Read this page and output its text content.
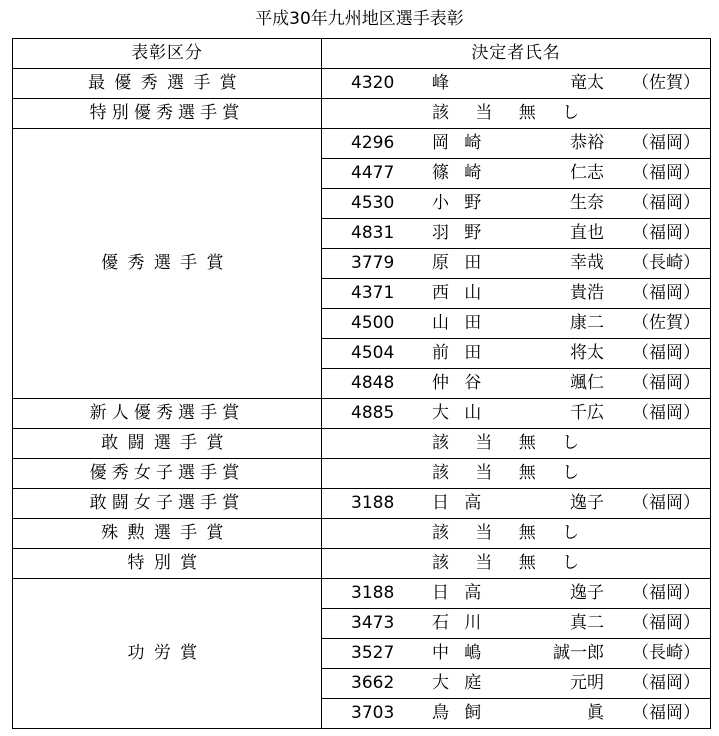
平成30年九州地区選手表彰
表彰区分	決定者氏名
最優秀選手賞	4320 峰 竜太 （佐賀）

特別優秀選手賞	該当無し

優秀選手賞	4296 岡崎 恭裕 （福岡）

	4477 篠崎 仁志 （福岡）

	4530 小野 生奈 （福岡）

	4831 羽野 直也 （福岡）

	3779 原田 幸哉 （長崎）

	4371 西山 貴浩 （福岡）

	4500 山田 康二 （佐賀）

	4504 前田 将太 （福岡）

	4848 仲谷 颯仁 （福岡）

新人優秀選手賞	4885 大山 千広 （福岡）

敢闘選手賞	該当無し

優秀女子選手賞	該当無し

敢闘女子選手賞	3188 日高 逸子 （福岡）

殊勲選手賞	該当無し

特別賞	該当無し

功労賞	3188 日高 逸子 （福岡）

	3473 石川 真二 （福岡）

	3527 中嶋 誠一郎 （長崎）

	3662 大庭 元明 （福岡）

	3703 鳥飼 眞 （福岡）
